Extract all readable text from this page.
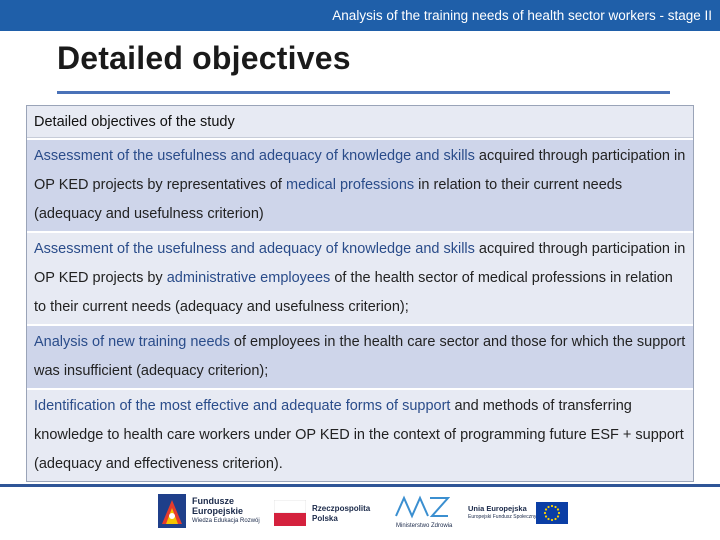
Analysis of the training needs of health sector workers - stage II
Detailed objectives
Detailed objectives of the study
Assessment of the usefulness and adequacy of knowledge and skills acquired through participation in OP KED projects by representatives of medical professions in relation to their current needs (adequacy and usefulness criterion)
Assessment of the usefulness and adequacy of knowledge and skills acquired through participation in OP KED projects by administrative employees of the health sector of medical professions in relation to their current needs (adequacy and usefulness criterion);
Analysis of new training needs of employees in the health care sector and those for which the support was insufficient (adequacy criterion);
Identification of the most effective and adequate forms of support and methods of transferring knowledge to health care workers under OP KED in the context of programming future ESF + support (adequacy and effectiveness criterion).
Fundusze
Europejskie
Wiedza Edukacja Rozwój
Rzeczpospolita
Polska
Ministerstwo Zdrowia
Unia Europejska
Europejski Fundusz Społeczny
